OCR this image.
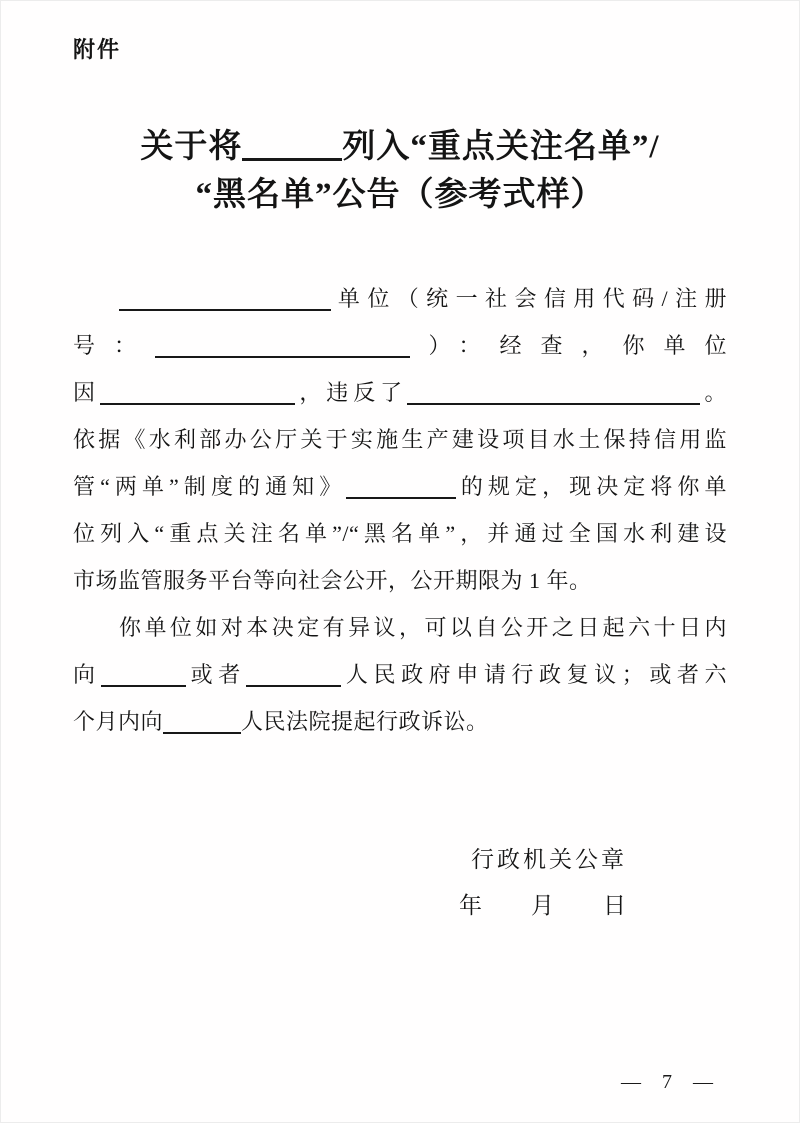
附件
关于将	列入“重点关注名单”/
“黑名单”公告（参考式样）
单位（统一社会信用代码/注册
号：	）：经查，你单位
因	，违反了	。
依据《水利部办公厅关于实施生产建设项目水土保持信用监
管“两单”制度的通知》	的规定，现决定将你单
位列入“重点关注名单”/“黑名单”，并通过全国水利建设
市场监管服务平台等向社会公开，公开期限为 1 年。
你单位如对本决定有异议，可以自公开之日起六十日内
向	或者	人民政府申请行政复议；或者六
个月内向	人民法院提起行政诉讼。
行政机关公章
年　　月　　日
— 7 —
